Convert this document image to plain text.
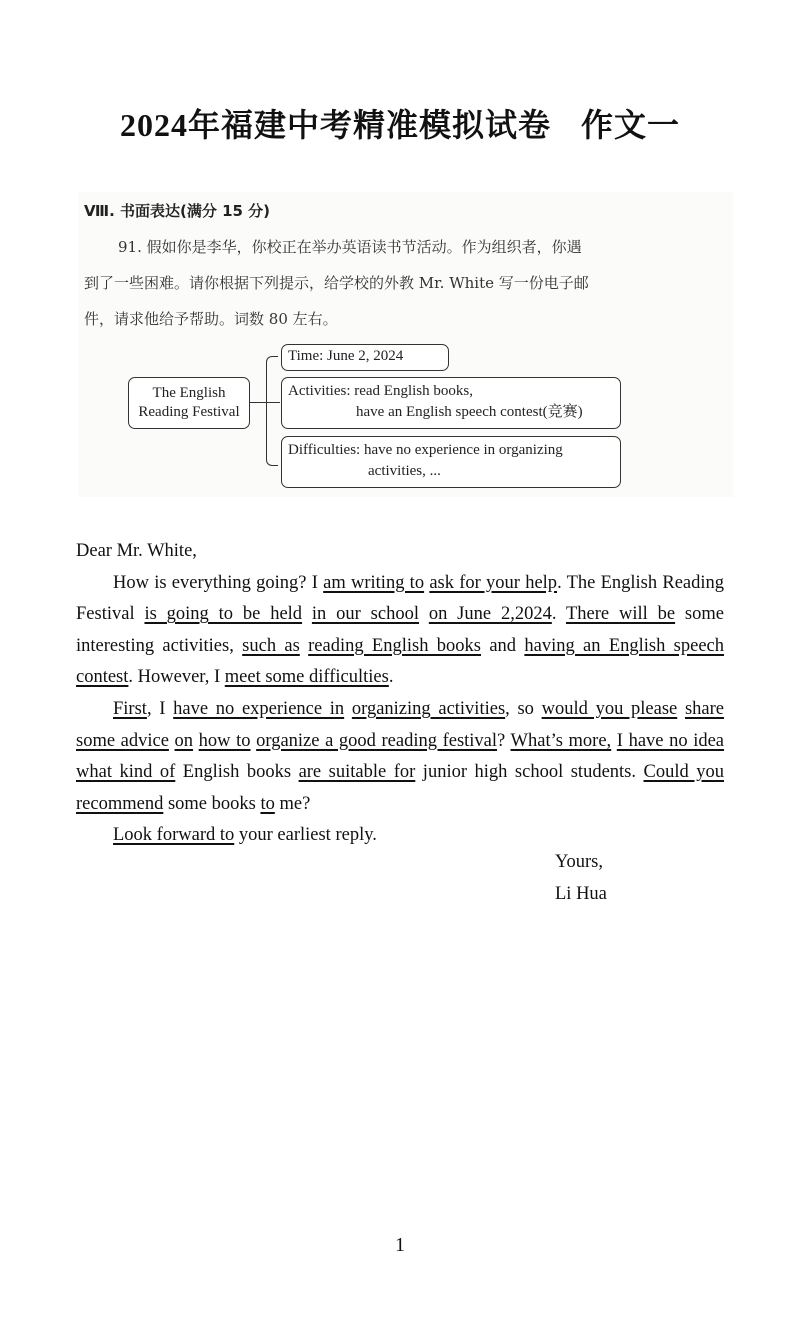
2024年福建中考精准模拟试卷 作文一
Ⅷ. 书面表达(满分 15 分)
91. 假如你是李华，你校正在举办英语读书节活动。作为组织者，你遇
到了一些困难。请你根据下列提示，给学校的外教 Mr. White 写一份电子邮
件，请求他给予帮助。词数 80 左右。
The English
Reading Festival
Time: June 2, 2024
Activities: read English books,
have an English speech contest(竞赛)
Difficulties: have no experience in organizing
activities, ...

Dear Mr. White,

How is everything going? I am writing to ask for your help. The English Reading Festival is going to be held in our school on June 2,2024. There will be some interesting activities, such as reading English books and having an English speech contest. However, I meet some difficulties.

First, I have no experience in organizing activities, so would you please share some advice on how to organize a good reading festival? What’s more, I have no idea what kind of English books are suitable for junior high school students. Could you recommend some books to me?

Look forward to your earliest reply.

Yours,
Li Hua
1
